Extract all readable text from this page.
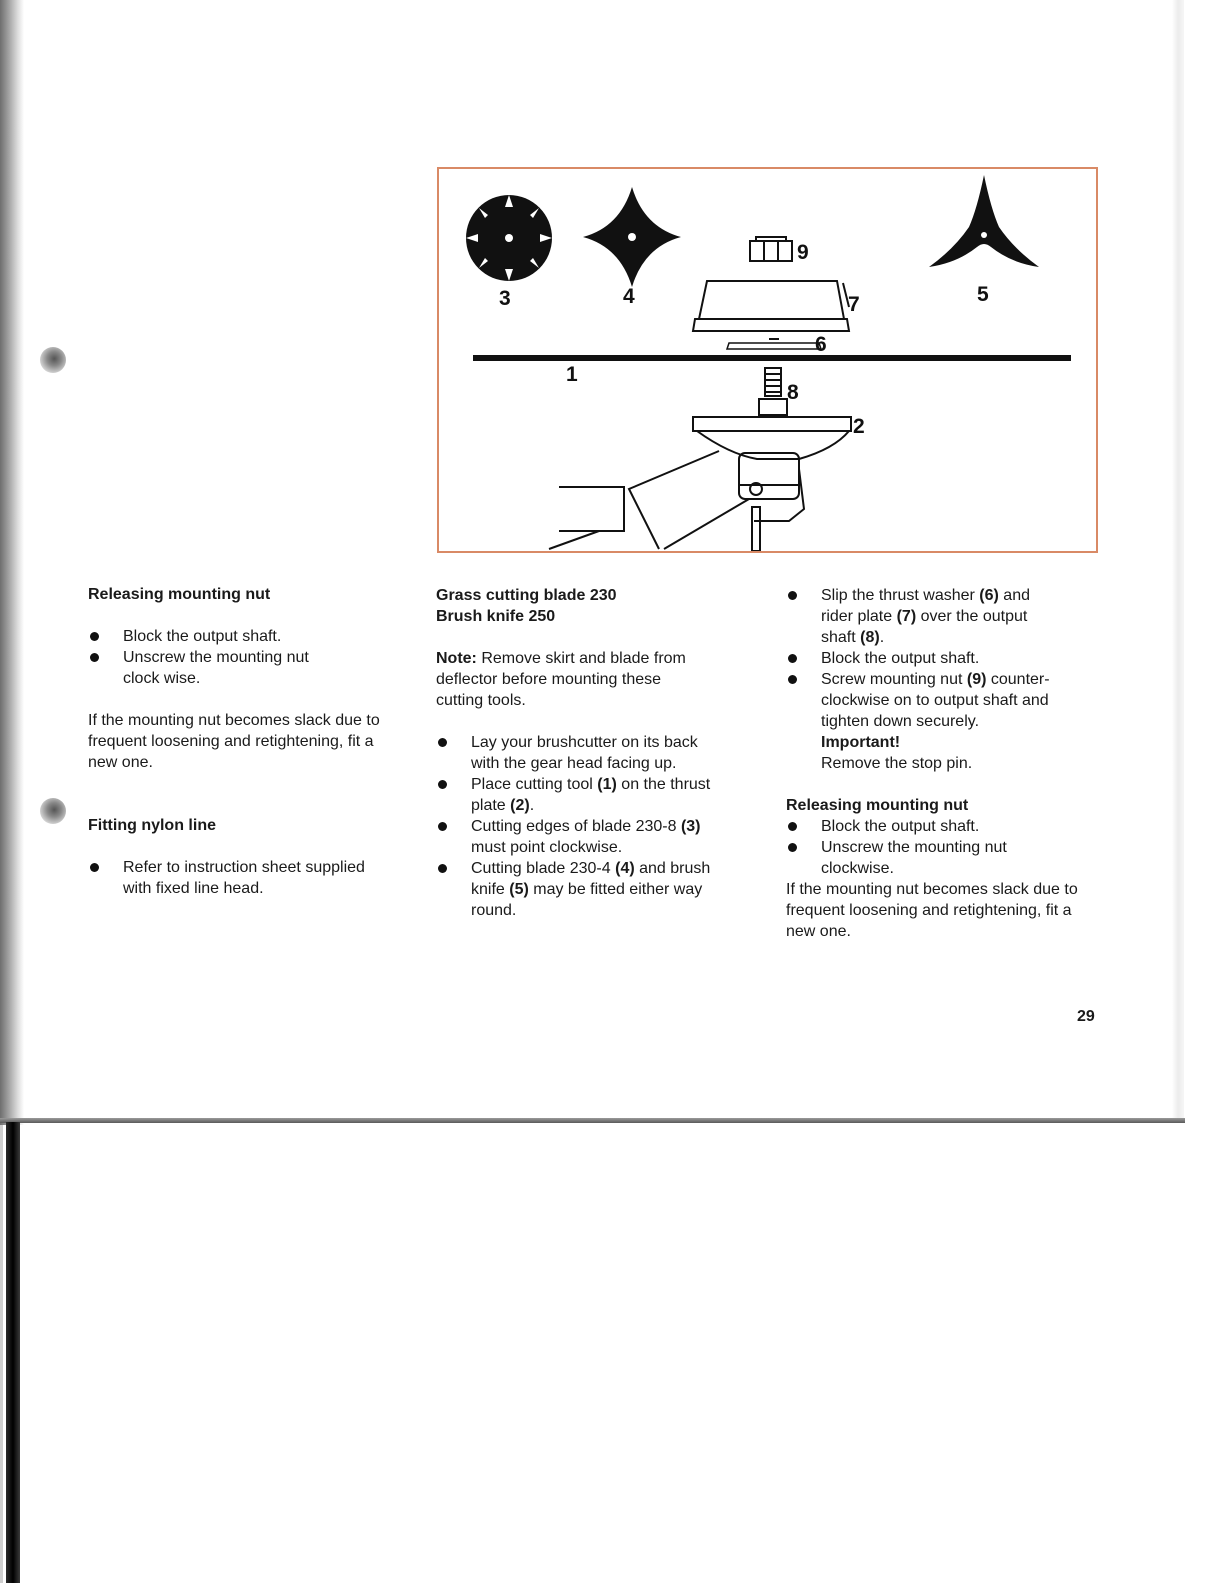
3	4	5
9
7
6
1
8
2

Releasing mounting nut

Block the output shaft.
Unscrew the mounting nut clock wise.

If the mounting nut becomes slack due to frequent loosening and retightening, fit a new one.

Fitting nylon line

Refer to instruction sheet supplied with fixed line head.

Grass cutting blade 230

Brush knife 250

Note: Remove skirt and blade from deflector before mounting these cutting tools.

Lay your brushcutter on its back with the gear head facing up.
Place cutting tool (1) on the thrust plate (2).
Cutting edges of blade 230-8 (3) must point clockwise.
Cutting blade 230-4 (4) and brush knife (5) may be fitted either way round.
Slip the thrust washer (6) and rider plate (7) over the output shaft (8).
Block the output shaft.
Screw mounting nut (9) counter-clockwise on to output shaft and tighten down securely.
Important!
Remove the stop pin.

Releasing mounting nut

Block the output shaft.
Unscrew the mounting nut clockwise.

If the mounting nut becomes slack due to frequent loosening and retightening, fit a new one.

29
